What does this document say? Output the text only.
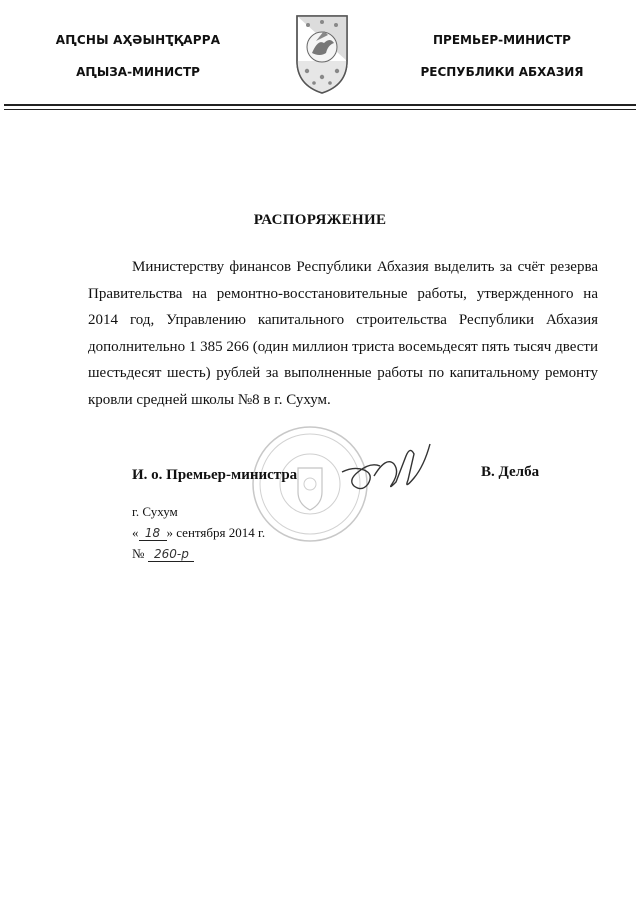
АԤСНЫ АҲӘЫНҬҚАРРА
АԤЫЗА-МИНИСТР
ПРЕМЬЕР-МИНИСТР
РЕСПУБЛИКИ АБХАЗИЯ
РАСПОРЯЖЕНИЕ
Министерству финансов Республики Абхазия выделить за счёт резерва Правительства на ремонтно-восстановительные работы, утвержденного на 2014 год, Управлению капитального строительства Республики Абхазия дополнительно 1 385 266 (один миллион триста восемьдесят пять тысяч двести шестьдесят шесть) рублей за выполненные работы по капитальному ремонту кровли средней школы №8 в г. Сухум.
И. о. Премьер-министра	В. Делба
г. Сухум
« 18 » сентября 2014 г.
№ 260-р
